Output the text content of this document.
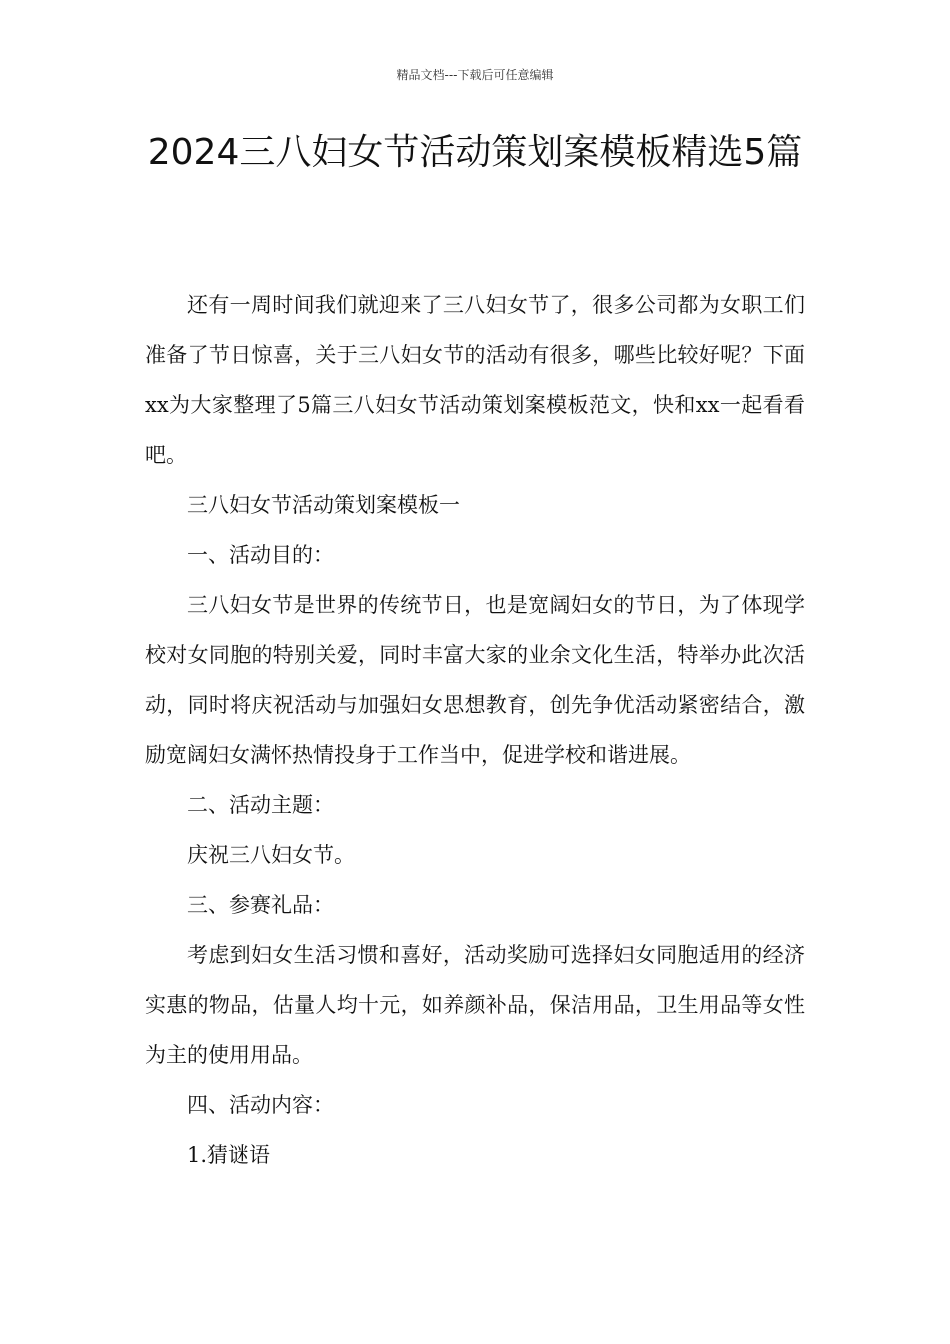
精品文档---下载后可任意编辑
2024三八妇女节活动策划案模板精选5篇

还有一周时间我们就迎来了三八妇女节了，很多公司都为女职工们准备了节日惊喜，关于三八妇女节的活动有很多，哪些比较好呢？下面xx为大家整理了5篇三八妇女节活动策划案模板范文，快和xx一起看看吧。

三八妇女节活动策划案模板一

一、活动目的：

三八妇女节是世界的传统节日，也是宽阔妇女的节日，为了体现学校对女同胞的特别关爱，同时丰富大家的业余文化生活，特举办此次活动，同时将庆祝活动与加强妇女思想教育，创先争优活动紧密结合，激励宽阔妇女满怀热情投身于工作当中，促进学校和谐进展。

二、活动主题：

庆祝三八妇女节。

三、参赛礼品：

考虑到妇女生活习惯和喜好，活动奖励可选择妇女同胞适用的经济实惠的物品，估量人均十元，如养颜补品，保洁用品，卫生用品等女性为主的使用用品。

四、活动内容：

1.猜谜语
